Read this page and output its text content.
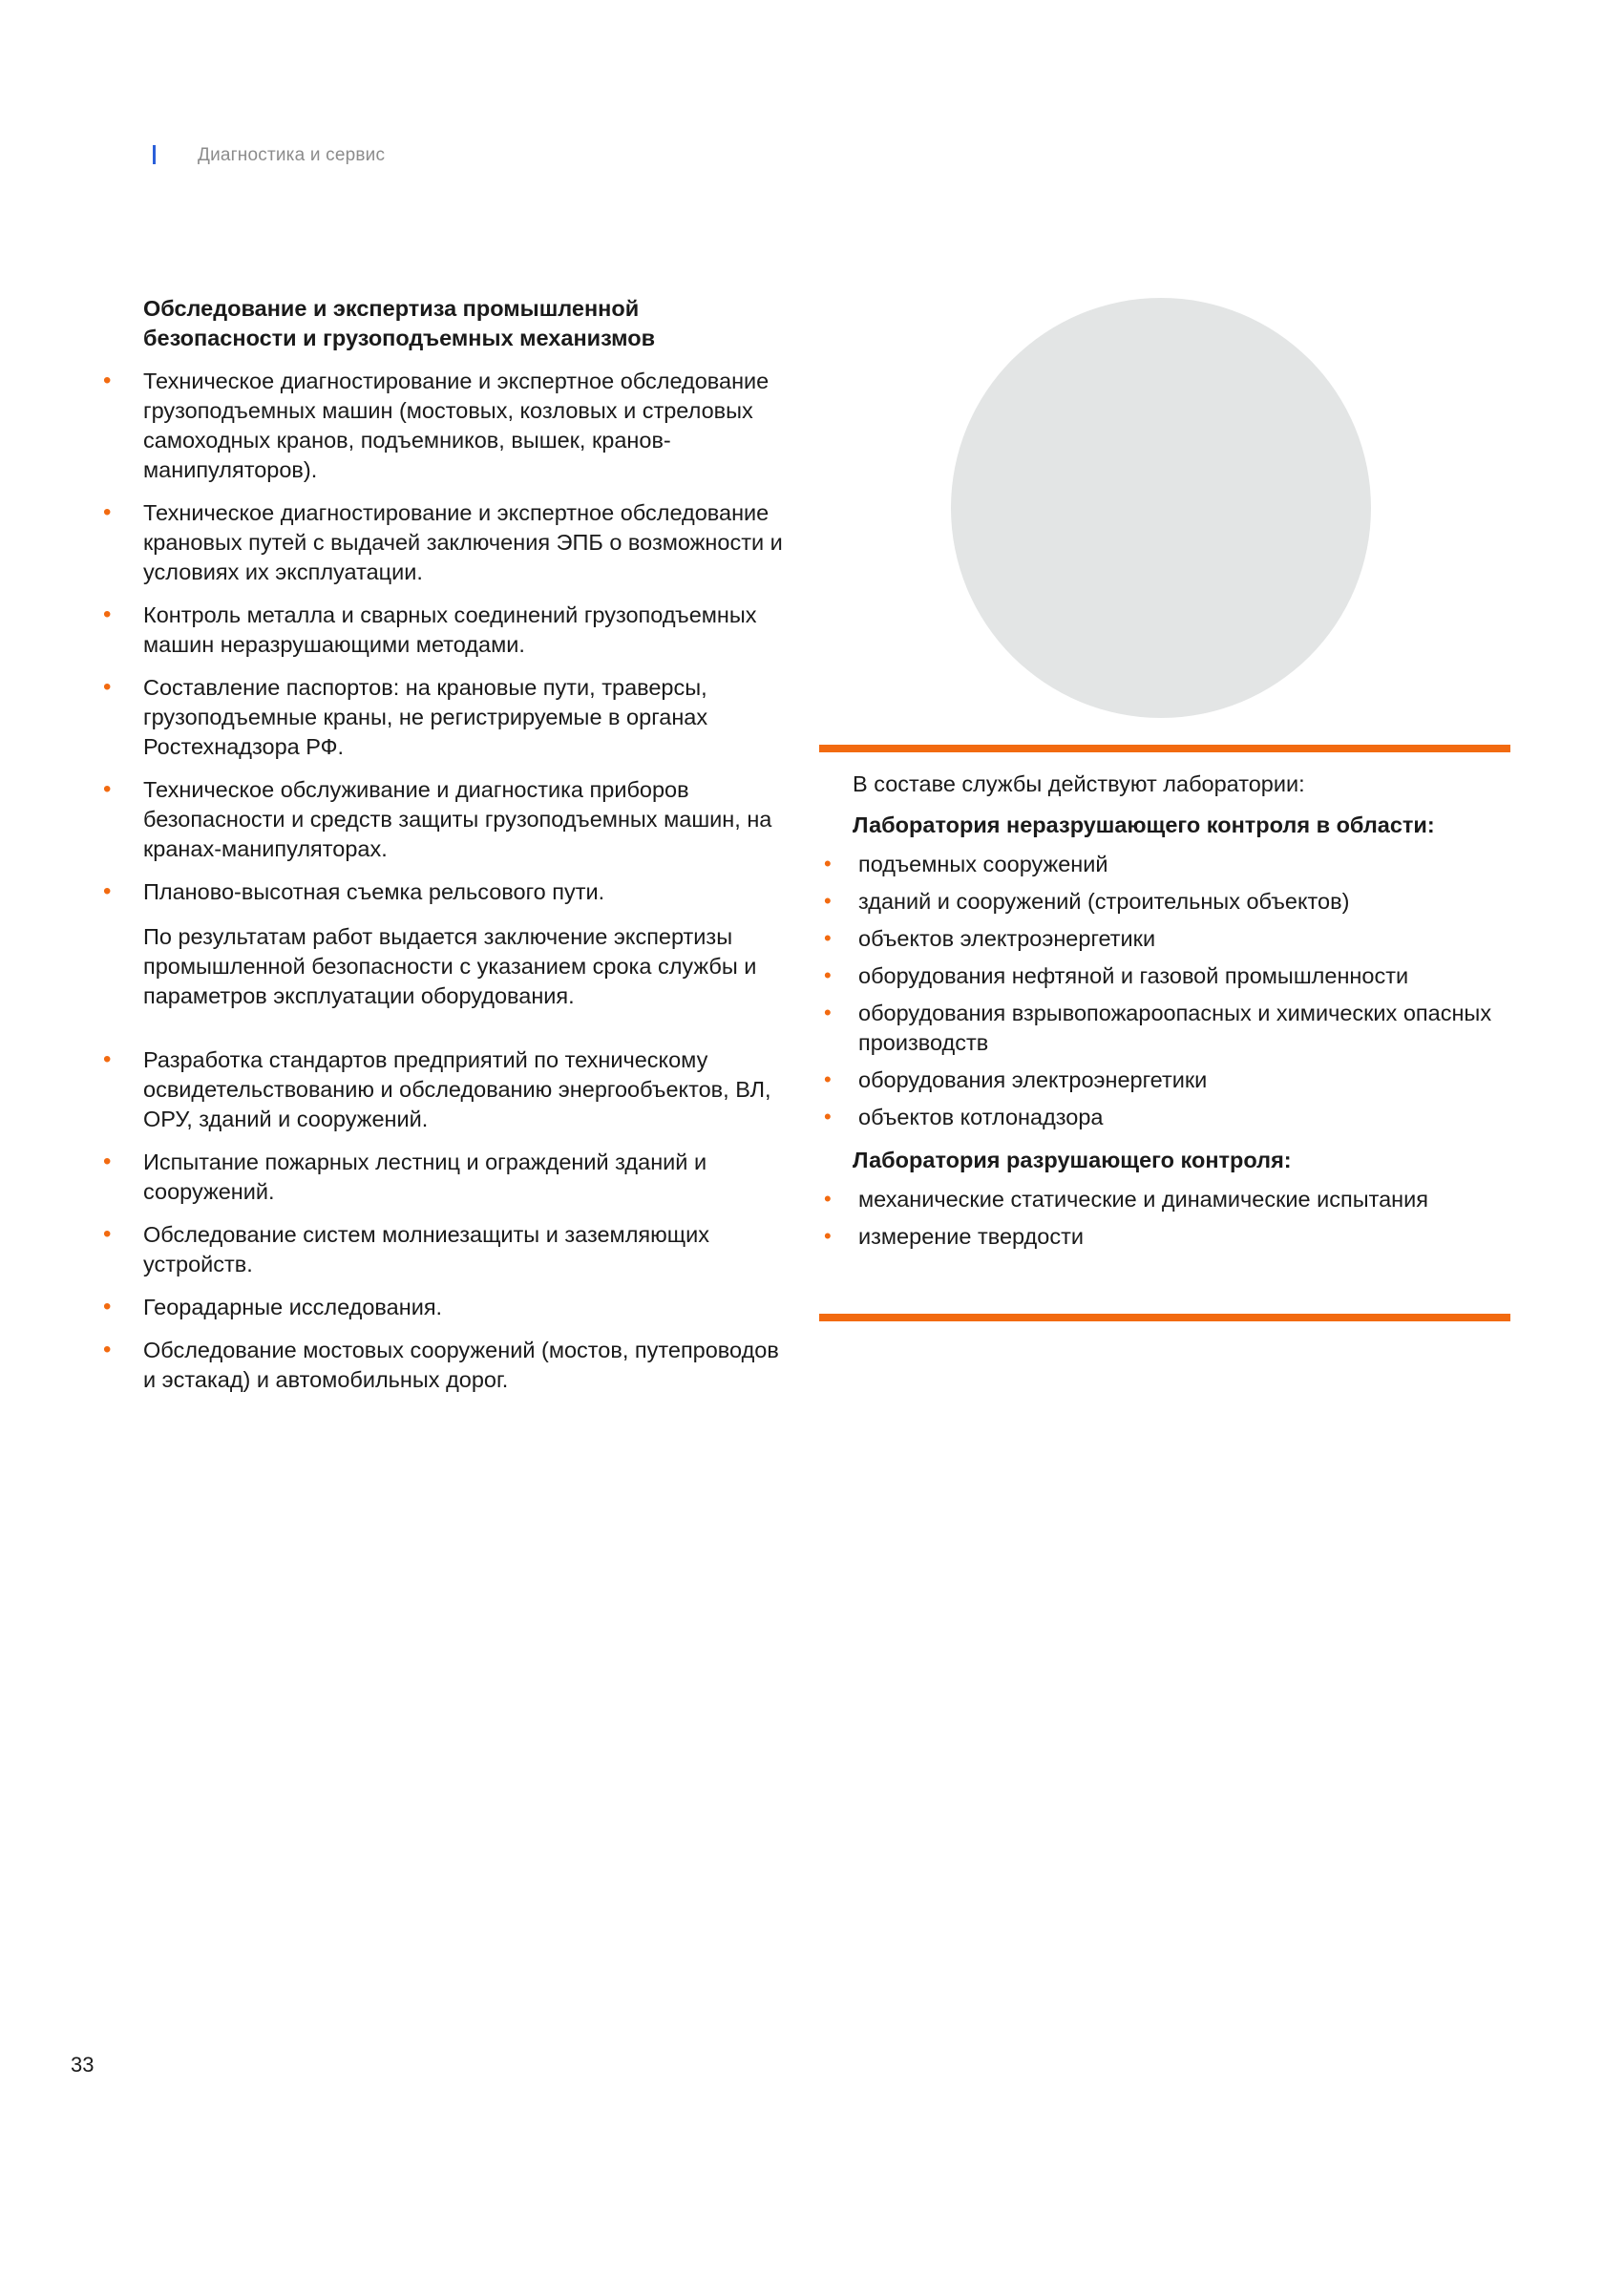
Диагностика и сервис
Обследование и экспертиза промышленной безопасности и грузоподъемных механизмов
• Техническое диагностирование и экспертное обследование грузоподъемных машин (мостовых, козловых и стреловых самоходных кранов, подъемников, вышек, кранов-манипуляторов).
• Техническое диагностирование и экспертное обследование крановых путей с выдачей заключения ЭПБ о возможности и условиях их эксплуатации.
• Контроль металла и сварных соединений грузоподъемных машин неразрушающими методами.
• Составление паспортов: на крановые пути, траверсы, грузоподъемные краны, не регистрируемые в органах Ростехнадзора РФ.
• Техническое обслуживание и диагностика приборов безопасности и средств защиты грузоподъемных машин, на кранах-манипуляторах.
• Планово-высотная съемка рельсового пути.
По результатам работ выдается заключение экспертизы промышленной безопасности с указанием срока службы и параметров эксплуатации оборудования.
• Разработка стандартов предприятий по техническому освидетельствованию и обследованию энергообъектов, ВЛ, ОРУ, зданий и сооружений.
• Испытание пожарных лестниц и ограждений зданий и сооружений.
• Обследование систем молниезащиты и заземляющих устройств.
• Георадарные исследования.
• Обследование мостовых сооружений (мостов, путепроводов и эстакад) и автомобильных дорог.
В составе службы действуют лаборатории:
Лаборатория неразрушающего контроля в области:
• подъемных сооружений
• зданий и сооружений (строительных объектов)
• объектов электроэнергетики
• оборудования нефтяной и газовой промышленности
• оборудования взрывопожароопасных и химических опасных производств
• оборудования электроэнергетики
• объектов котлонадзора
Лаборатория разрушающего контроля:
• механические статические и динамические испытания
• измерение твердости
33
